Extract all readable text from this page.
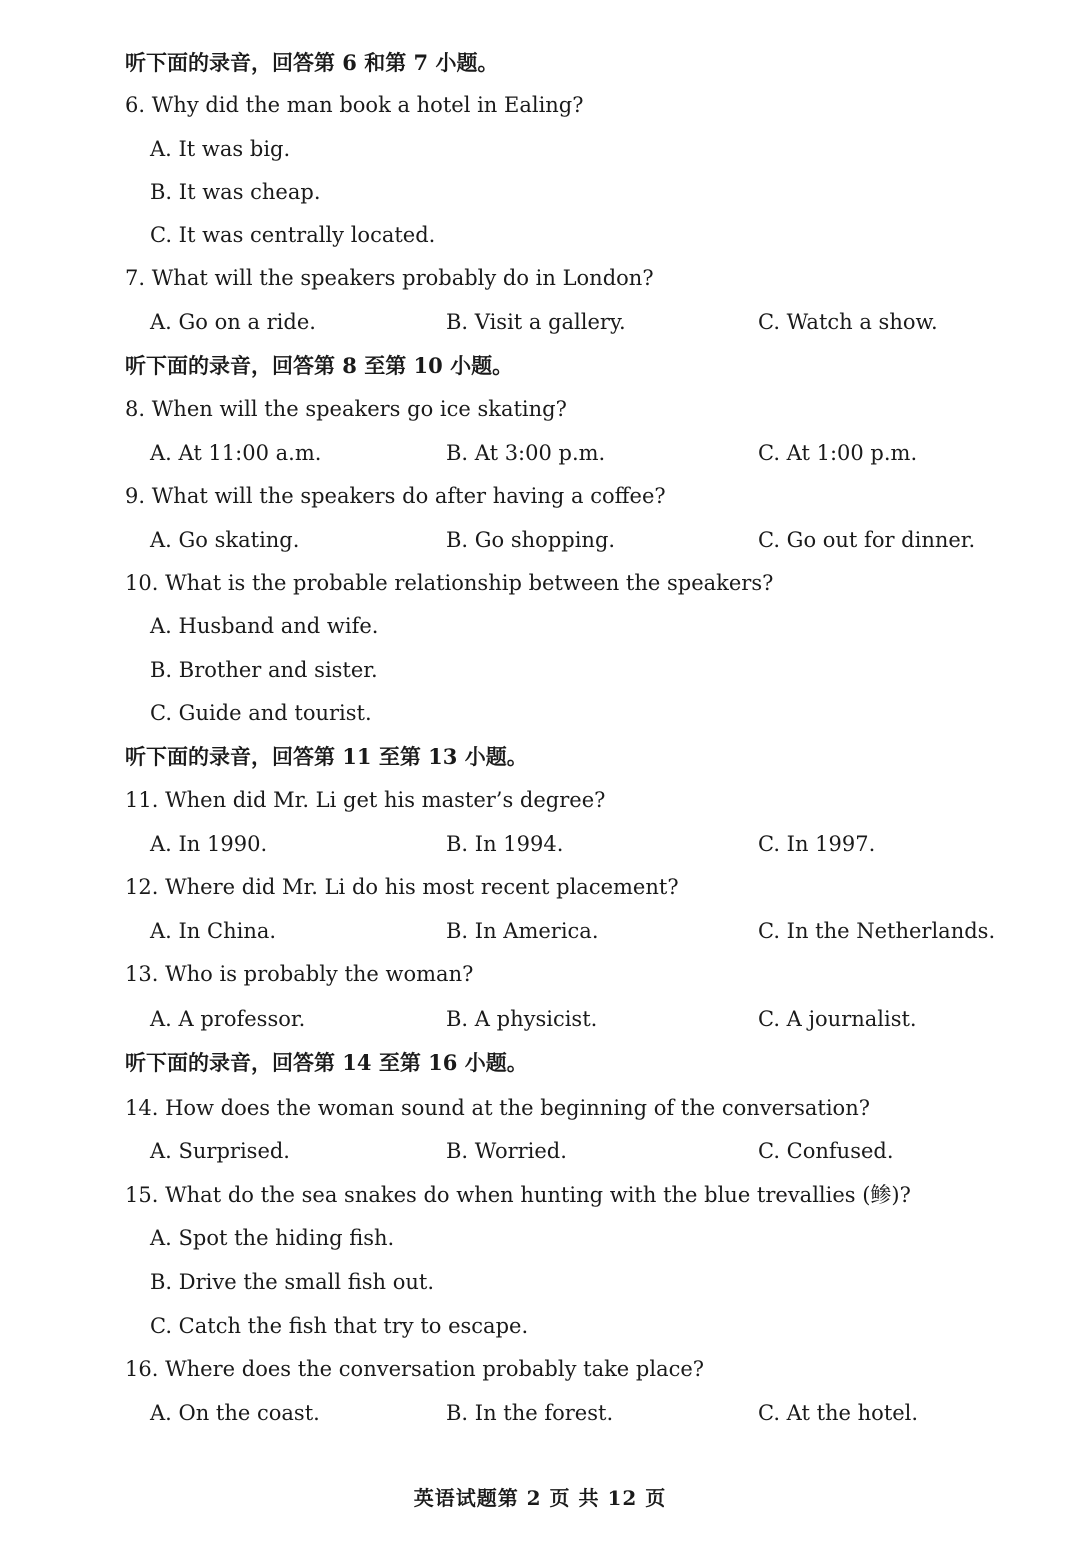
听下面的录音，回答第 6 和第 7 小题。
6. Why did the man book a hotel in Ealing?
A. It was big.
B. It was cheap.
C. It was centrally located.
7. What will the speakers probably do in London?
A. Go on a ride.	B. Visit a gallery.	C. Watch a show.
听下面的录音，回答第 8 至第 10 小题。
8. When will the speakers go ice skating?
A. At 11:00 a.m.	B. At 3:00 p.m.	C. At 1:00 p.m.
9. What will the speakers do after having a coffee?
A. Go skating.	B. Go shopping.	C. Go out for dinner.
10. What is the probable relationship between the speakers?
A. Husband and wife.
B. Brother and sister.
C. Guide and tourist.
听下面的录音，回答第 11 至第 13 小题。
11. When did Mr. Li get his master’s degree?
A. In 1990.	B. In 1994.	C. In 1997.
12. Where did Mr. Li do his most recent placement?
A. In China.	B. In America.	C. In the Netherlands.
13. Who is probably the woman?
A. A professor.	B. A physicist.	C. A journalist.
听下面的录音，回答第 14 至第 16 小题。
14. How does the woman sound at the beginning of the conversation?
A. Surprised.	B. Worried.	C. Confused.
15. What do the sea snakes do when hunting with the blue trevallies (鲹)?
A. Spot the hiding fish.
B. Drive the small fish out.
C. Catch the fish that try to escape.
16. Where does the conversation probably take place?
A. On the coast.	B. In the forest.	C. At the hotel.
英语试题第 2 页 共 12 页
